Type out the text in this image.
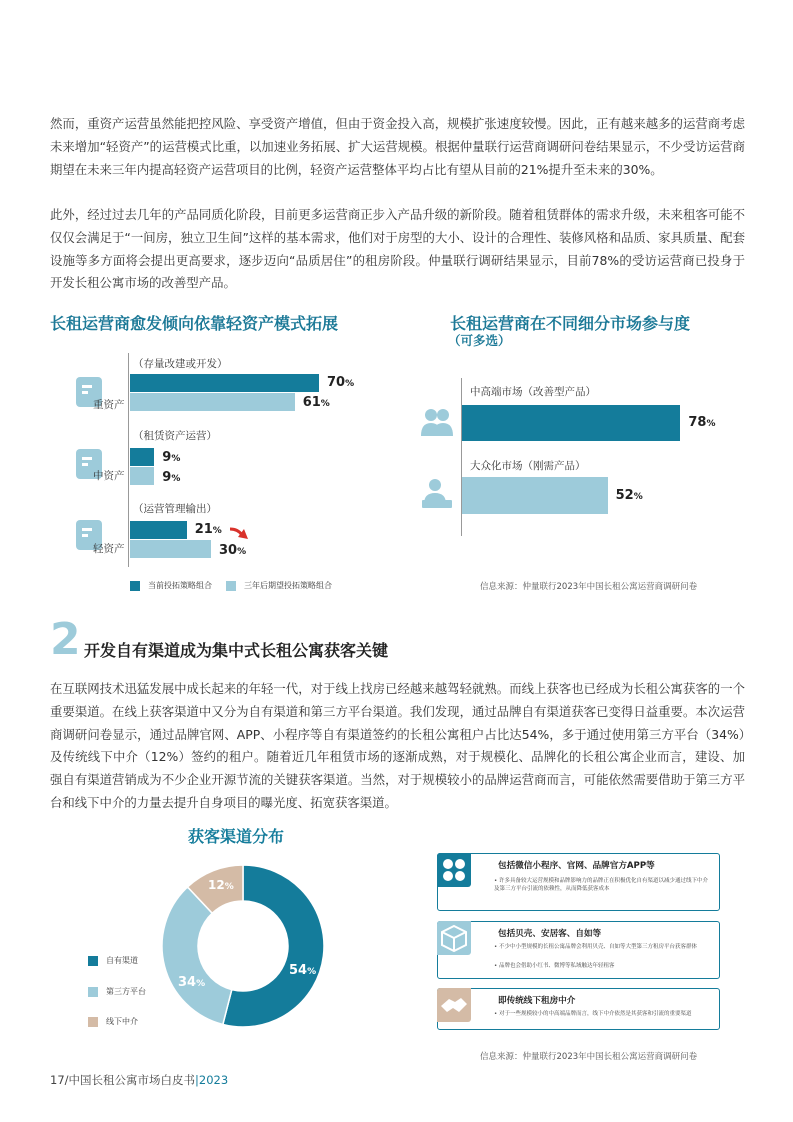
然而，重资产运营虽然能把控风险、享受资产增值，但由于资金投入高，规模扩张速度较慢。因此，正有越来越多的运营商考虑未来增加“轻资产”的运营模式比重，以加速业务拓展、扩大运营规模。根据仲量联行运营商调研问卷结果显示，不少受访运营商期望在未来三年内提高轻资产运营项目的比例，轻资产运营整体平均占比有望从目前的21%提升至未来的30%。

此外，经过过去几年的产品同质化阶段，目前更多运营商正步入产品升级的新阶段。随着租赁群体的需求升级，未来租客可能不仅仅会满足于“一间房，独立卫生间”这样的基本需求，他们对于房型的大小、设计的合理性、装修风格和品质、家具质量、配套设施等多方面将会提出更高要求，逐步迈向“品质居住”的租房阶段。仲量联行调研结果显示，目前78%的受访运营商已投身于开发长租公寓市场的改善型产品。

长租运营商愈发倾向依靠轻资产模式拓展
（存量改建或开发）
重资产
70%
61%
（租赁资产运营）
中资产
9%
9%
（运营管理输出）
轻资产
21%
30%
当前投拓策略组合	三年后期望投拓策略组合
长租运营商在不同细分市场参与度
（可多选）
中高端市场（改善型产品）
78%
大众化市场（刚需产品）
52%
信息来源：仲量联行2023年中国长租公寓运营商调研问卷
2 开发自有渠道成为集中式长租公寓获客关键

在互联网技术迅猛发展中成长起来的年轻一代，对于线上找房已经越来越驾轻就熟。而线上获客也已经成为长租公寓获客的一个重要渠道。在线上获客渠道中又分为自有渠道和第三方平台渠道。我们发现，通过品牌自有渠道获客已变得日益重要。本次运营商调研问卷显示，通过品牌官网、APP、小程序等自有渠道签约的长租公寓租户占比达54%，多于通过使用第三方平台（34%）及传统线下中介（12%）签约的租户。随着近几年租赁市场的逐渐成熟，对于规模化、品牌化的长租公寓企业而言，建设、加强自有渠道营销成为不少企业开源节流的关键获客渠道。当然，对于规模较小的品牌运营商而言，可能依然需要借助于第三方平台和线下中介的力量去提升自身项目的曝光度、拓宽获客渠道。

获客渠道分布
54%
34%
12%
自有渠道
第三方平台
线下中介
包括微信小程序、官网、品牌官方APP等
• 许多具备较大运营规模和品牌影响力的品牌正在积极优化自有渠道以减少通过线下中介及第三方平台引流的依赖性，从而降低获客成本
包括贝壳、安居客、自如等
• 不少中小型规模的长租公寓品牌会利用贝壳、自如等大型第三方租房平台获客群体
• 品牌也会借助小红书、微博等私域触达年轻租客
即传统线下租房中介
• 对于一些规模较小的中高端品牌而言，线下中介依然是其获客和引流的重要渠道
信息来源：仲量联行2023年中国长租公寓运营商调研问卷
17/中国长租公寓市场白皮书|2023
